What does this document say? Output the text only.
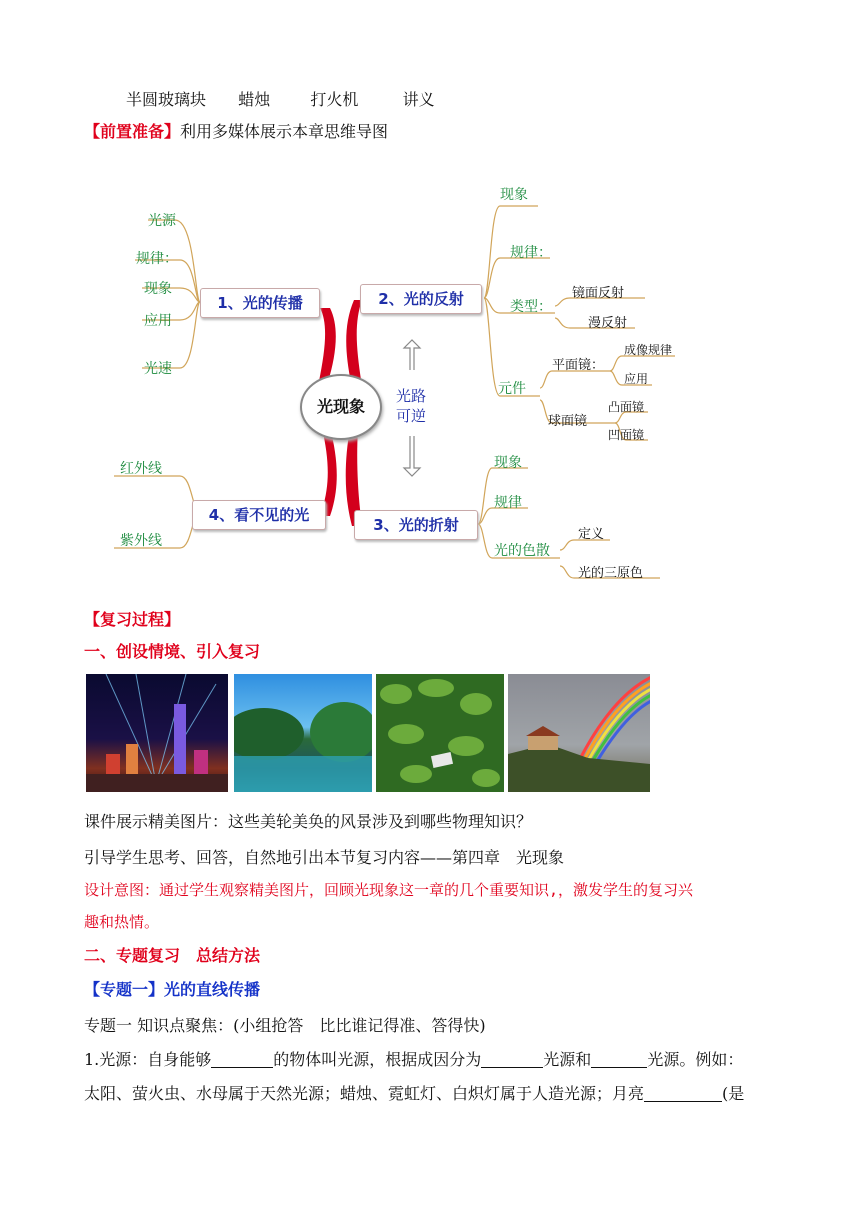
半圆玻璃块 蜡烛	打火机	讲义
【前置准备】利用多媒体展示本章思维导图
光现象
光路
可逆
1、光的传播
光源
规律：
现象
应用
光速
2、光的反射
现象
规律：
类型：
元件
镜面反射
漫反射
平面镜：
球面镜
成像规律
应用
凸面镜
凹面镜
3、光的折射
现象
规律
光的色散
定义
光的三原色
4、看不见的光
红外线
紫外线
【复习过程】
一、创设情境、引入复习
课件展示精美图片：这些美轮美奂的风景涉及到哪些物理知识？
引导学生思考、回答，自然地引出本节复习内容——第四章　光现象
设计意图：通过学生观察精美图片，回顾光现象这一章的几个重要知识,，激发学生的复习兴
趣和热情。
二、专题复习　总结方法
【专题一】光的直线传播
专题一 知识点聚焦：(小组抢答　比比谁记得准、答得快)
1.光源：自身能够	的物体叫光源，根据成因分为	光源和	光源。例如：
太阳、萤火虫、水母属于天然光源；蜡烛、霓虹灯、白炽灯属于人造光源；月亮	(是
